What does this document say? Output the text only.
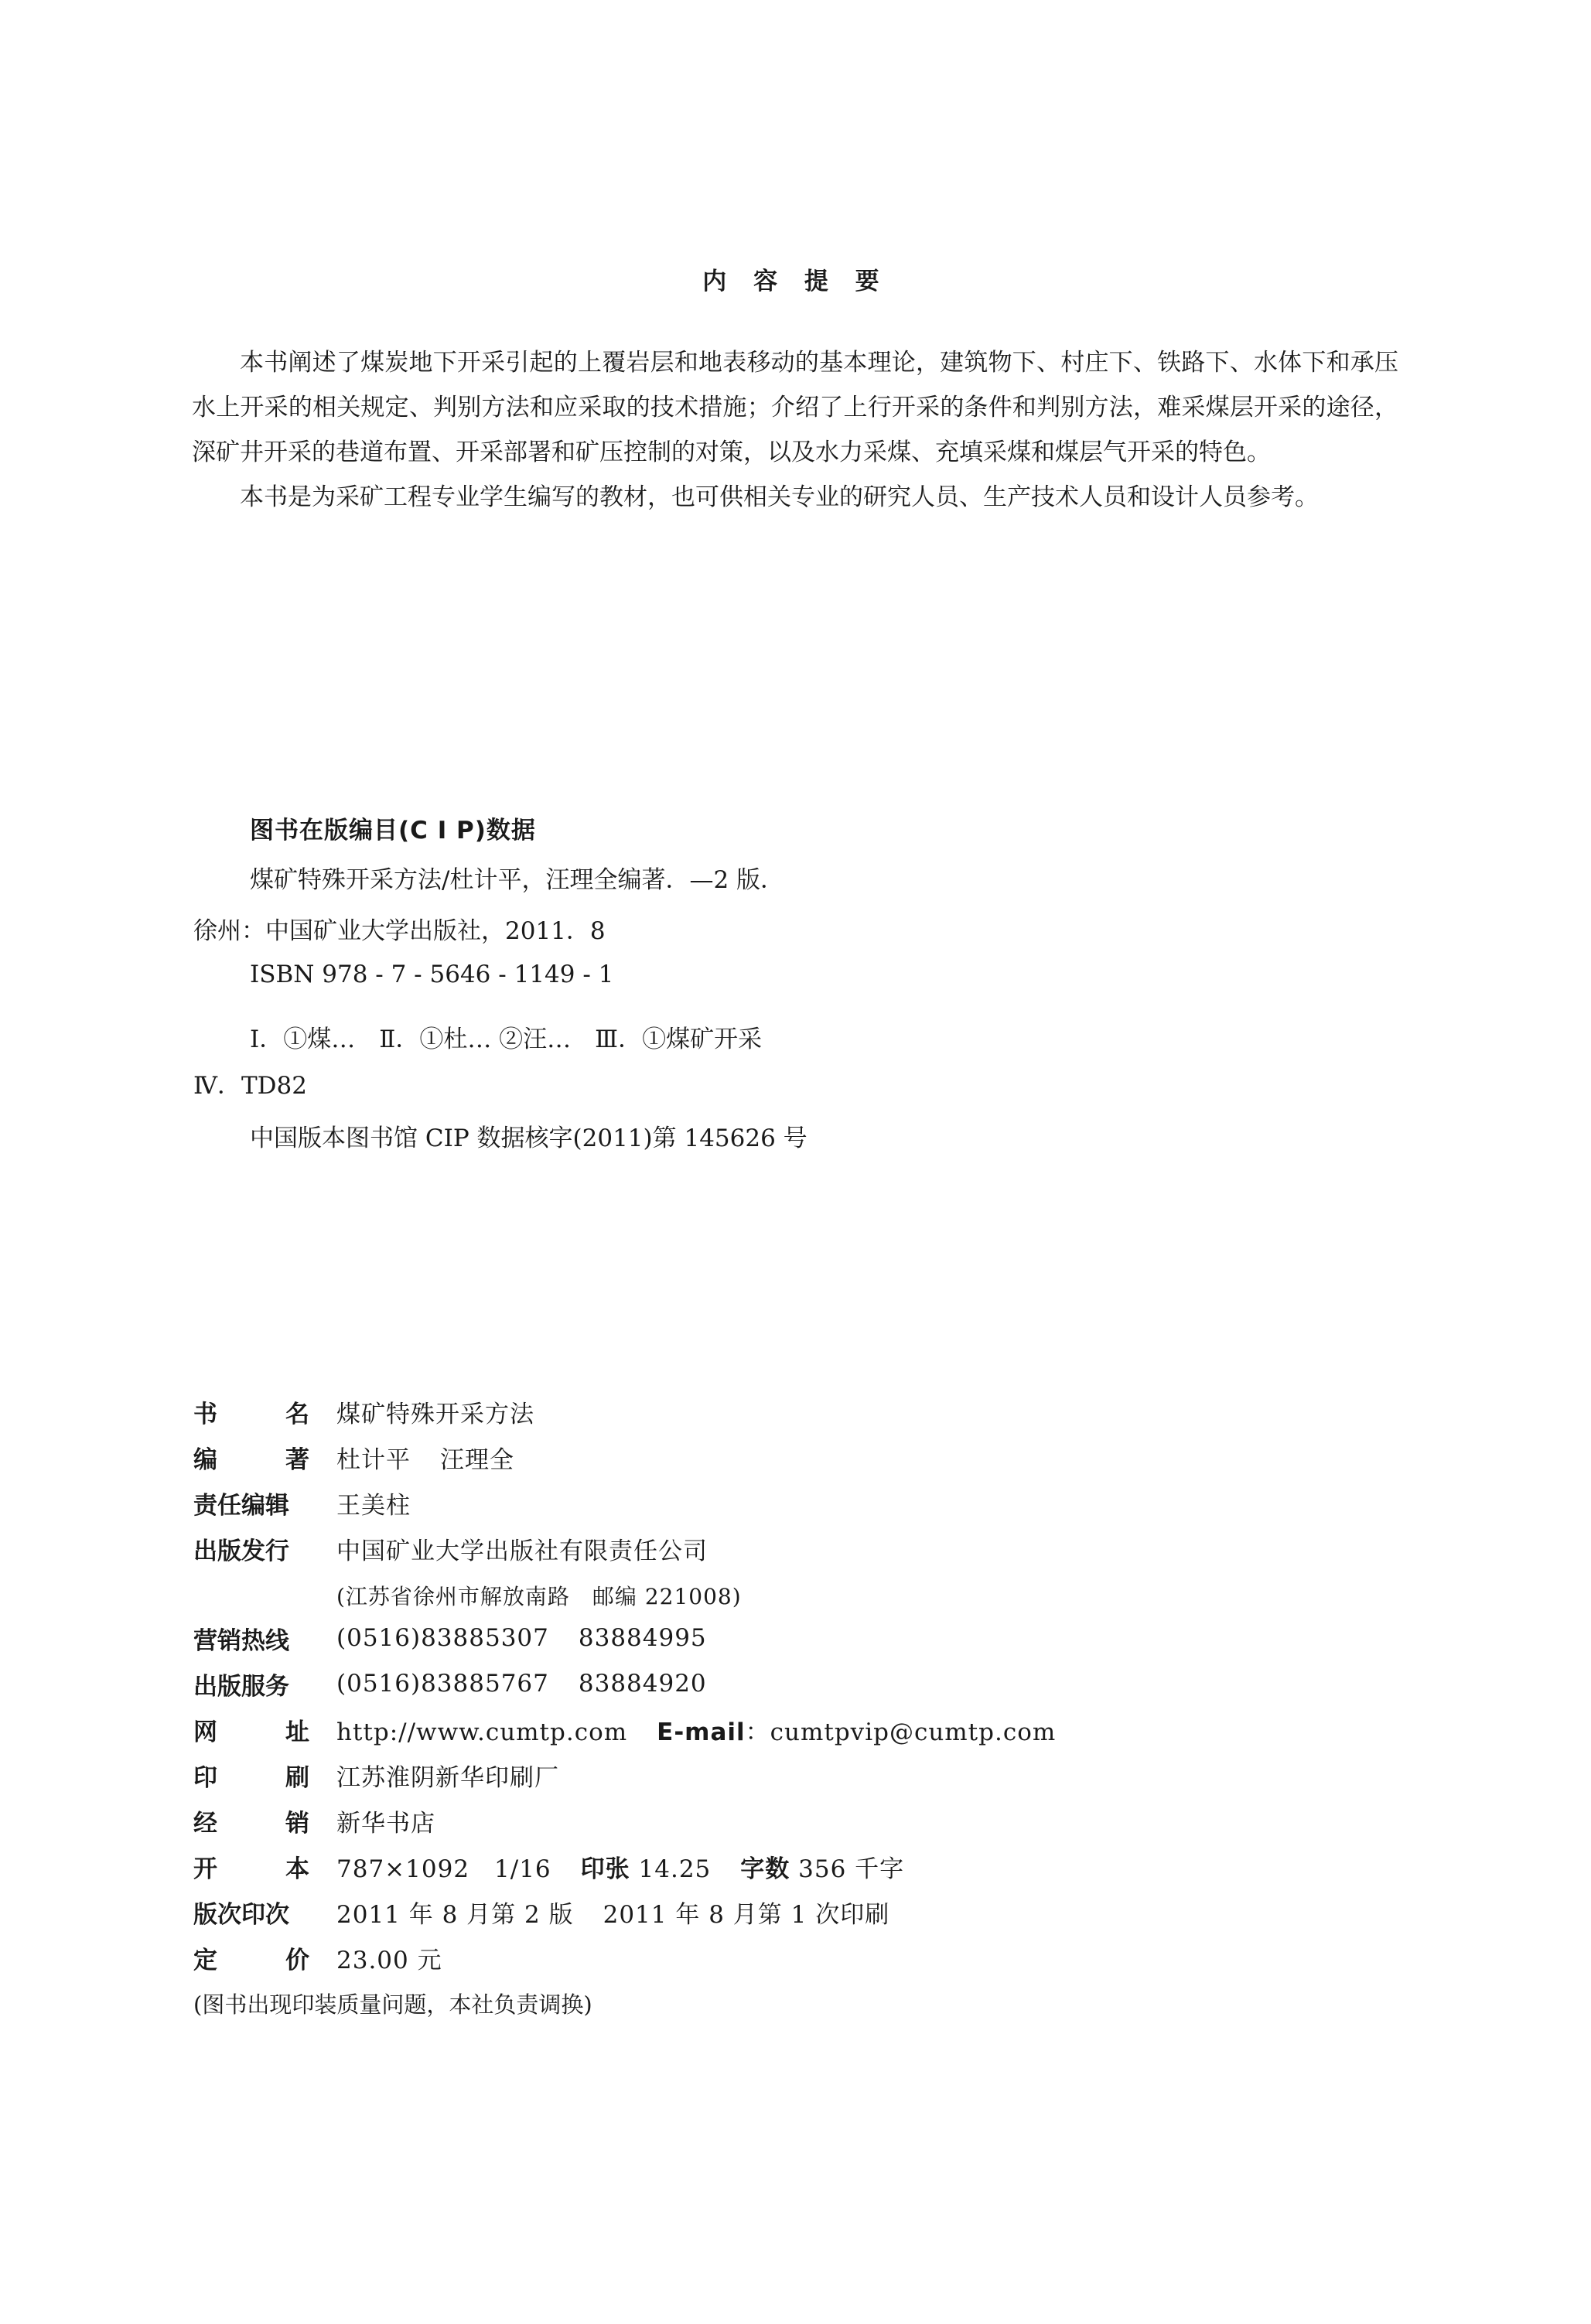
内 容 提 要

本书阐述了煤炭地下开采引起的上覆岩层和地表移动的基本理论，建筑物下、村庄下、铁路下、水体下和承压水上开采的相关规定、判别方法和应采取的技术措施；介绍了上行开采的条件和判别方法，难采煤层开采的途径，深矿井开采的巷道布置、开采部署和矿压控制的对策，以及水力采煤、充填采煤和煤层气开采的特色。

本书是为采矿工程专业学生编写的教材，也可供相关专业的研究人员、生产技术人员和设计人员参考。

图书在版编目(C I P)数据
煤矿特殊开采方法/杜计平，汪理全编著．—2 版．
徐州：中国矿业大学出版社，2011．8
ISBN 978 - 7 - 5646 - 1149 - 1
Ⅰ．①煤…　Ⅱ．①杜… ②汪…　Ⅲ．①煤矿开采
Ⅳ．TD82
中国版本图书馆 CIP 数据核字(2011)第 145626 号
书	名 煤矿特殊开采方法
编	著 杜计平 汪理全
责任编辑 王美柱
出版发行 中国矿业大学出版社有限责任公司
(江苏省徐州市解放南路　邮编 221008)
营销热线 (0516)83885307 83884995
出版服务 (0516)83885767 83884920
网	址 http://www.cumtp.com E-mail：cumtpvip@cumtp.com
印	刷 江苏淮阴新华印刷厂
经	销 新华书店
开	本 787×1092　1/16 印张 14.25 字数 356 千字
版次印次 2011 年 8 月第 2 版 2011 年 8 月第 1 次印刷
定	价 23.00 元
(图书出现印装质量问题，本社负责调换)
